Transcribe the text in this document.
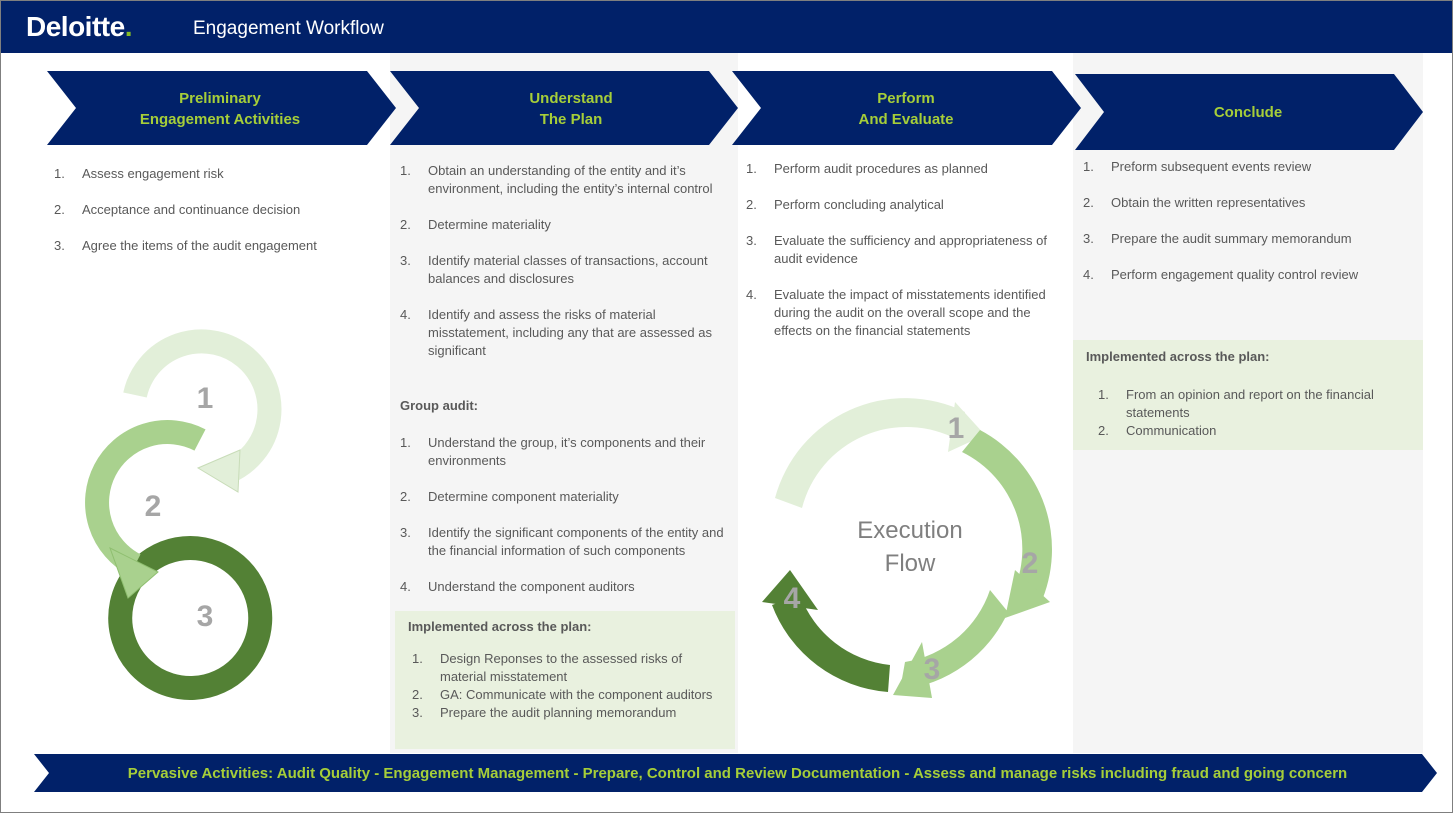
Deloitte.	Engagement Workflow
Preliminary
Engagement Activities
Understand
The Plan
Perform
And Evaluate	Conclude
1. Assess engagement risk
2. Acceptance and continuance decision
3. Agree the items of the audit engagement
1. Obtain an understanding of the entity and it’s environment, including the entity’s internal control
2. Determine materiality
3. Identify material classes of transactions, account balances and disclosures
4. Identify and assess the risks of material misstatement, including any that are assessed as significant
Group audit:
1. Understand the group, it’s components and their environments
2. Determine component materiality
3. Identify the significant components of the entity and the financial information of such components
4. Understand the component auditors
Implemented across the plan:
1. Design Reponses to the assessed risks of material misstatement
2. GA: Communicate with the component auditors
3. Prepare the audit planning memorandum
1. Perform audit procedures as planned
2. Perform concluding analytical
3. Evaluate the sufficiency and appropriateness of audit evidence
4. Evaluate the impact of misstatements identified during the audit on the overall scope and the effects on the financial statements
1. Preform subsequent events review
2. Obtain the written representatives
3. Prepare the audit summary memorandum
4. Perform engagement quality control review
Implemented across the plan:
1. From an opinion and report on the financial statements
2. Communication
1
2
3
Execution
Flow
1
2
3
4
Pervasive Activities: Audit Quality - Engagement Management - Prepare, Control and Review Documentation - Assess and manage risks including fraud and going concern
